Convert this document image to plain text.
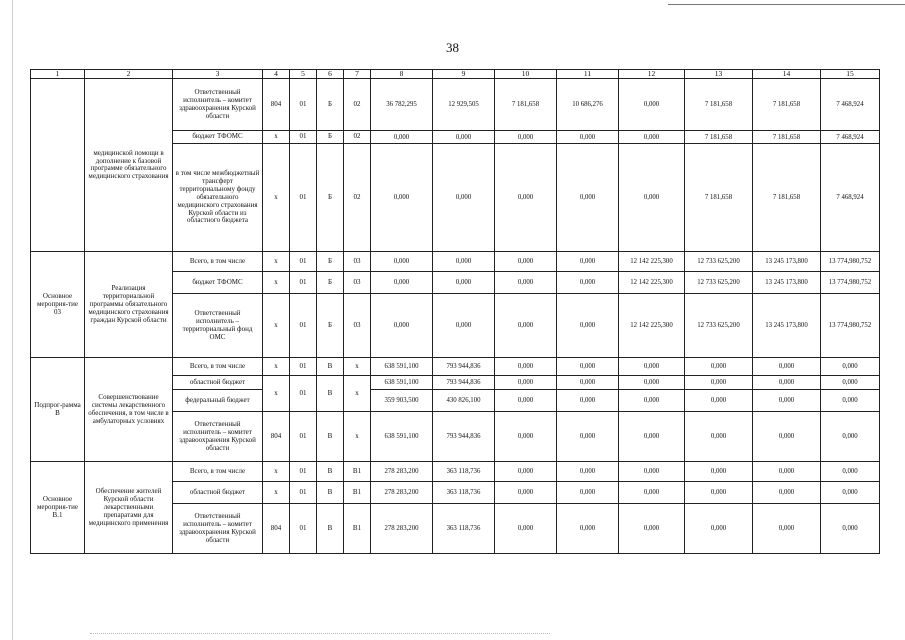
38
1	2	3	4	5	6	7	8	9	10	11	12	13	14	15
	медицинской помощи в дополнение к базовой программе обязательного медицинского страхования	Ответственный исполнитель – комитет здравоохранения Курской области	804	01	Б	02	36 782,295	12 929,505	7 181,658	10 686,276	0,000	7 181,658	7 181,658	7 468,924
		бюджет ТФОМС	х	01	Б	02	0,000	0,000	0,000	0,000	0,000	7 181,658	7 181,658	7 468,924
		в том числе межбюджетный трансферт территориальному фонду обязательного медицинского страхования Курской области из областного бюджета	х	01	Б	02	0,000	0,000	0,000	0,000	0,000	7 181,658	7 181,658	7 468,924
Основное мероприя-тие 03	Реализация территориальной программы обязательного медицинского страхования граждан Курской области	Всего, в том числе	х	01	Б	03	0,000	0,000	0,000	0,000	12 142 225,300	12 733 625,200	13 245 173,800	13 774,980,752
		бюджет ТФОМС	х	01	Б	03	0,000	0,000	0,000	0,000	12 142 225,300	12 733 625,200	13 245 173,800	13 774,980,752
		Ответственный исполнитель – территориальный фонд ОМС	х	01	Б	03	0,000	0,000	0,000	0,000	12 142 225,300	12 733 625,200	13 245 173,800	13 774,980,752
Подпрог-рамма В	Совершенствование системы лекарственного обеспечения, в том числе в амбулаторных условиях	Всего, в том числе	х	01	В	х	638 591,100	793 944,836	0,000	0,000	0,000	0,000	0,000	0,000
		областной бюджет	х	01	В	х	638 591,100	793 944,836	0,000	0,000	0,000	0,000	0,000	0,000
		федеральный бюджет					359 903,500	430 826,100	0,000	0,000	0,000	0,000	0,000	0,000
		Ответственный исполнитель – комитет здравоохранения Курской области	804	01	В	х	638 591,100	793 944,836	0,000	0,000	0,000	0,000	0,000	0,000
Основное мероприя-тие В.1	Обеспечение жителей Курской области лекарственными препаратами для медицинского применения	Всего, в том числе	х	01	В	В1	278 283,200	363 118,736	0,000	0,000	0,000	0,000	0,000	0,000
		областной бюджет	х	01	В	В1	278 283,200	363 118,736	0,000	0,000	0,000	0,000	0,000	0,000
		Ответственный исполнитель – комитет здравоохранения Курской области	804	01	В	В1	278 283,200	363 118,736	0,000	0,000	0,000	0,000	0,000	0,000
